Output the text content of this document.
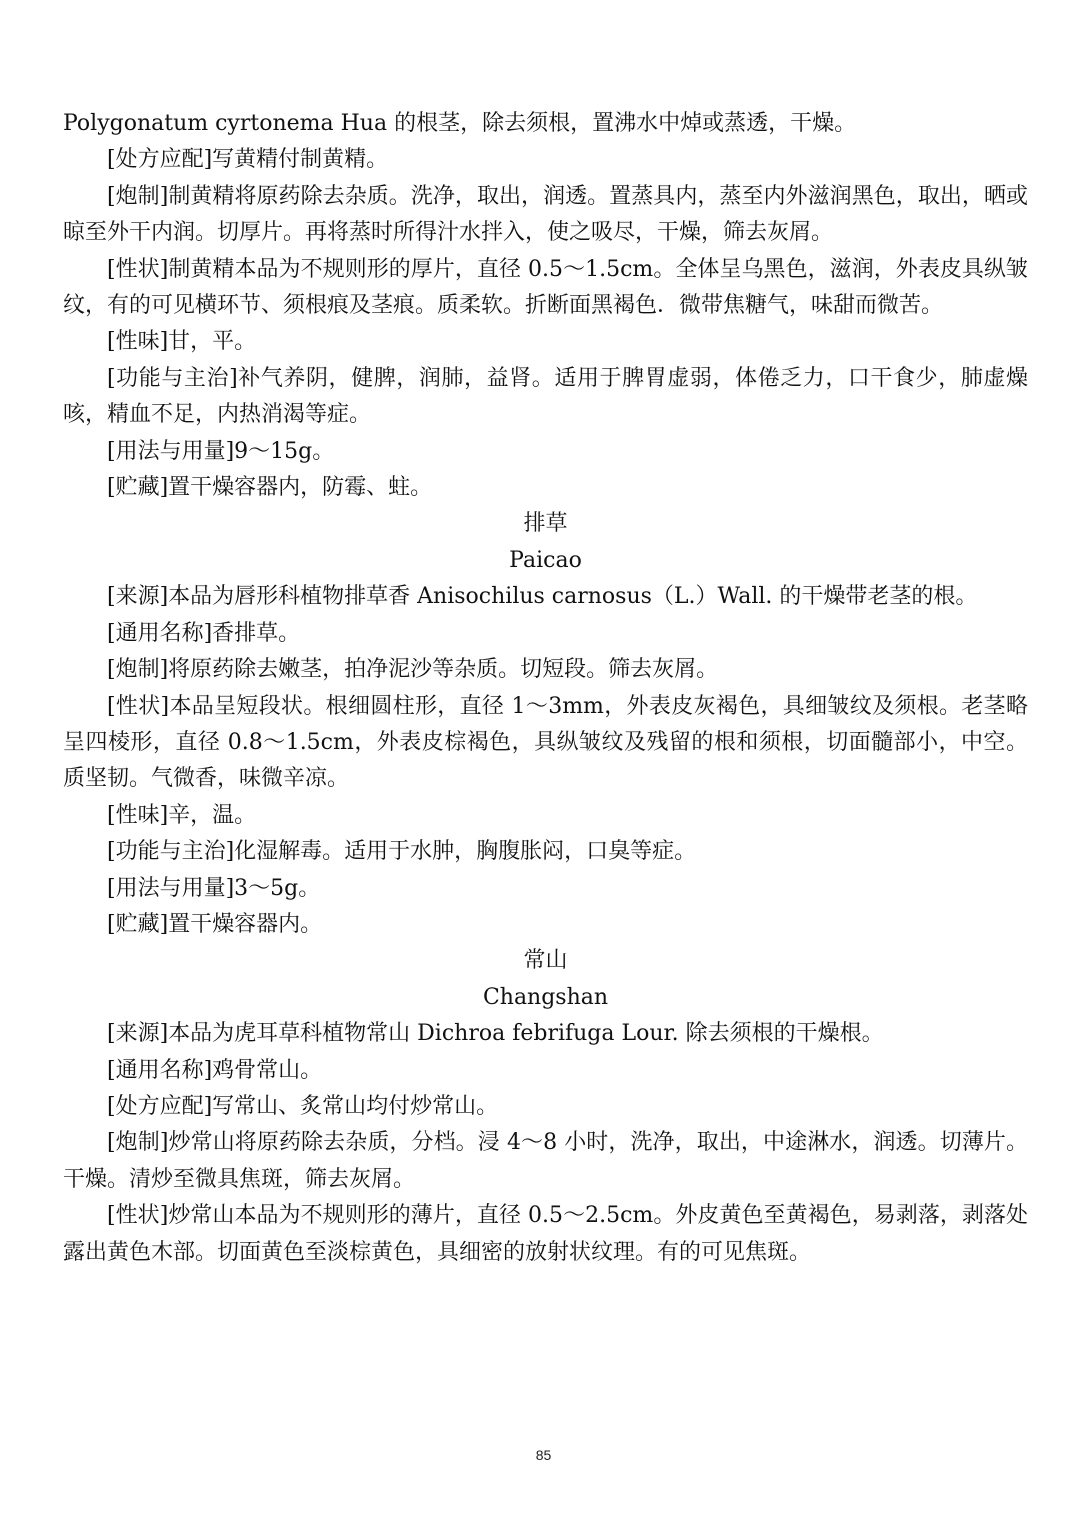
Polygonatum cyrtonema Hua 的根茎，除去须根，置沸水中焯或蒸透，干燥。

[处方应配]写黄精付制黄精。

[炮制]制黄精将原药除去杂质。洗净，取出，润透。置蒸具内，蒸至内外滋润黑色，取出，晒或晾至外干内润。切厚片。再将蒸时所得汁水拌入，使之吸尽，干燥，筛去灰屑。

[性状]制黄精本品为不规则形的厚片，直径 0.5～1.5cm。全体呈乌黑色，滋润，外表皮具纵皱纹，有的可见横环节、须根痕及茎痕。质柔软。折断面黑褐色．微带焦糖气，味甜而微苦。

[性味]甘，平。

[功能与主治]补气养阴，健脾，润肺，益肾。适用于脾胃虚弱，体倦乏力，口干食少，肺虚燥咳，精血不足，内热消渴等症。

[用法与用量]9～15g。

[贮藏]置干燥容器内，防霉、蛀。

排草

Paicao

[来源]本品为唇形科植物排草香 Anisochilus carnosus（L.）Wall. 的干燥带老茎的根。

[通用名称]香排草。

[炮制]将原药除去嫩茎，拍净泥沙等杂质。切短段。筛去灰屑。

[性状]本品呈短段状。根细圆柱形，直径 1～3mm，外表皮灰褐色，具细皱纹及须根。老茎略呈四棱形，直径 0.8～1.5cm，外表皮棕褐色，具纵皱纹及残留的根和须根，切面髓部小，中空。质坚韧。气微香，味微辛凉。

[性味]辛，温。

[功能与主治]化湿解毒。适用于水肿，胸腹胀闷，口臭等症。

[用法与用量]3～5g。

[贮藏]置干燥容器内。

常山

Changshan

[来源]本品为虎耳草科植物常山 Dichroa febrifuga Lour. 除去须根的干燥根。

[通用名称]鸡骨常山。

[处方应配]写常山、炙常山均付炒常山。

[炮制]炒常山将原药除去杂质，分档。浸 4～8 小时，洗净，取出，中途淋水，润透。切薄片。干燥。清炒至微具焦斑，筛去灰屑。

[性状]炒常山本品为不规则形的薄片，直径 0.5～2.5cm。外皮黄色至黄褐色，易剥落，剥落处露出黄色木部。切面黄色至淡棕黄色，具细密的放射状纹理。有的可见焦斑。

85
